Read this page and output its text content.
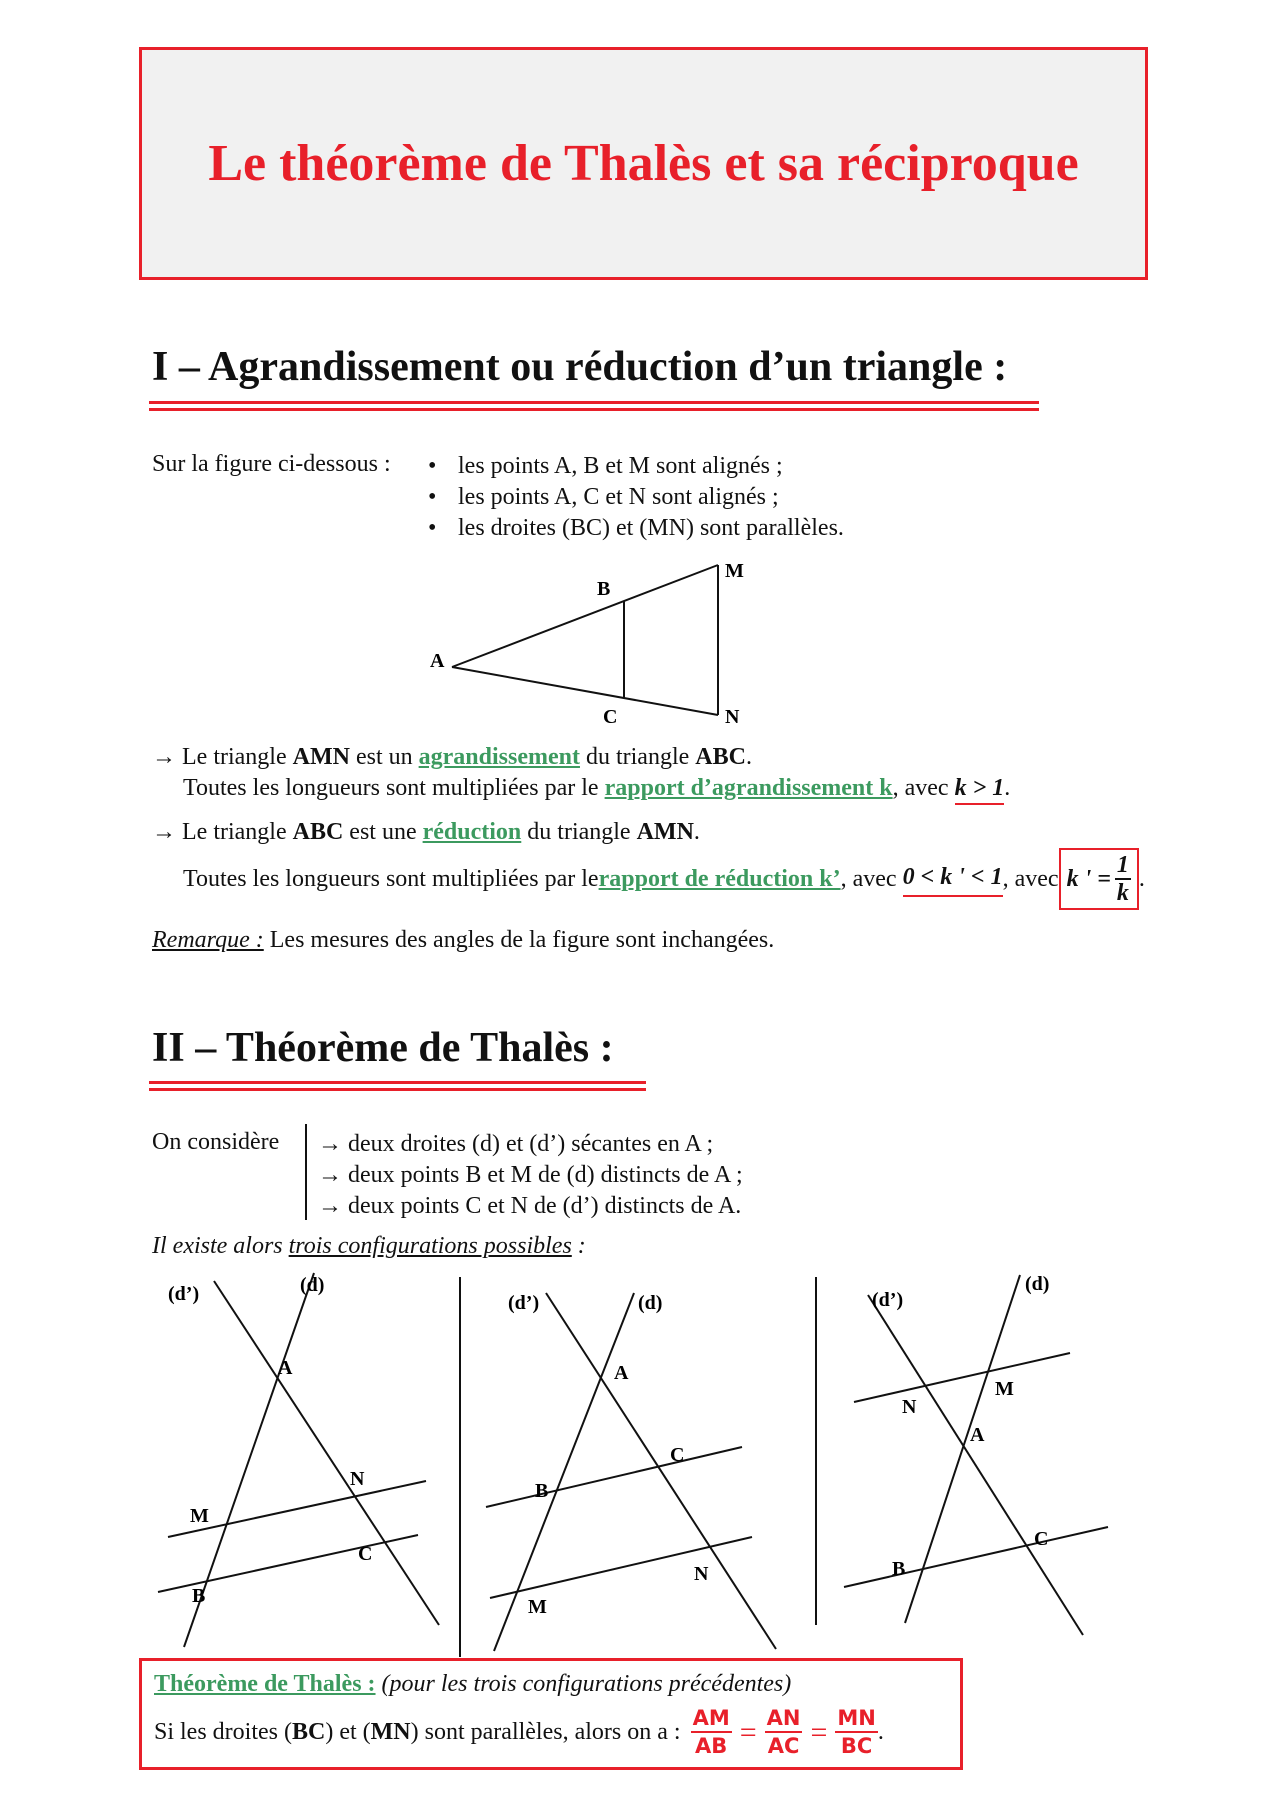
Le théorème de Thalès et sa réciproque
I – Agrandissement ou réduction d’un triangle :
Sur la figure ci-dessous : • les points A, B et M sont alignés ;
• les points A, C et N sont alignés ;
• les droites (BC) et (MN) sont parallèles.
A
B
C
M
N
→ Le triangle AMN est un agrandissement du triangle ABC.
Toutes les longueurs sont multipliées par le rapport d’agrandissement k, avec k > 1.
→ Le triangle ABC est une réduction du triangle AMN.
Toutes les longueurs sont multipliées par le rapport de réduction k’ , avec 0 < k ' < 1 , avec k ' = $\frac{1}{k}$ .
Remarque : Les mesures des angles de la figure sont inchangées.
II – Théorème de Thalès :
On considère → deux droites (d) et (d’) sécantes en A ;
→ deux points B et M de (d) distincts de A ;
→ deux points C et N de (d’) distincts de A.
Il existe alors trois configurations possibles :
(d’)	(d)
A
N
M
C
B
(d’)	(d)
A
C
B
N
M
(d’)
(d)
M
N
A
C
B
Théorème de Thalès : (pour les trois configurations précédentes)
Si les droites ( BC ) et ( MN ) sont parallèles, alors on a : $\frac{AM}{AB} = \frac{AN}{AC} = \frac{MN}{BC}$ .
